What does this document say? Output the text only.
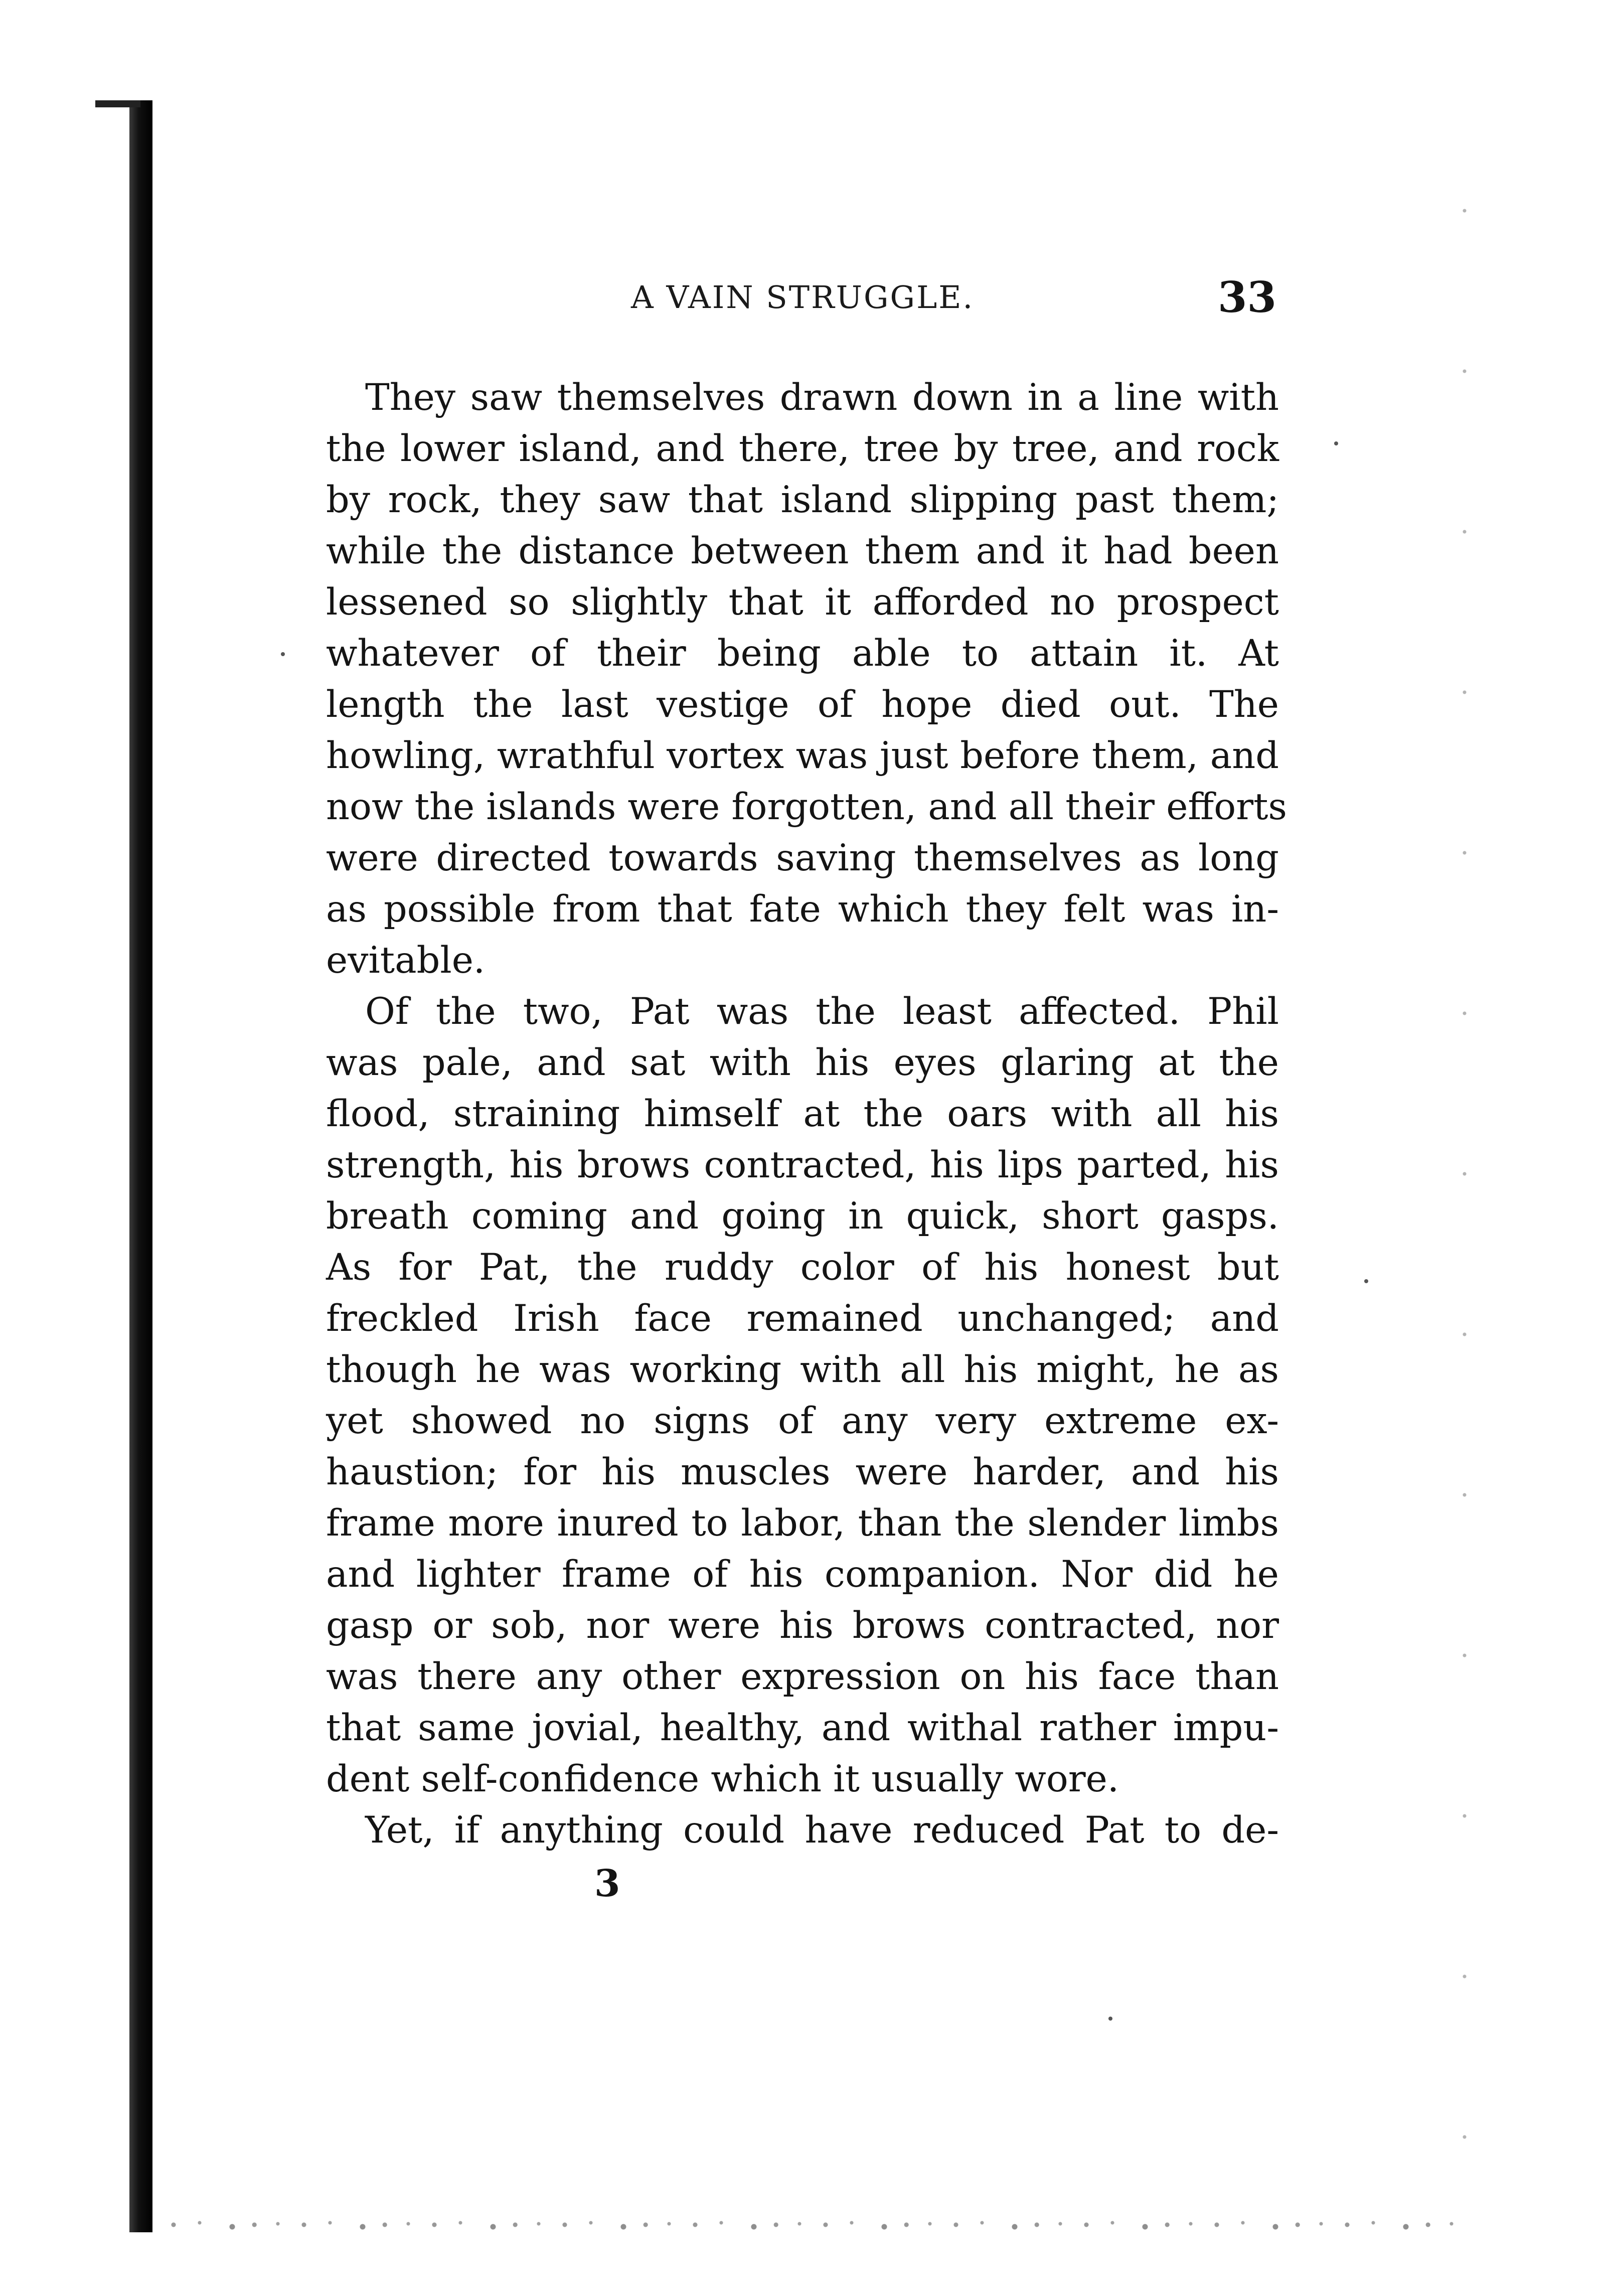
A VAIN STRUGGLE.	33
They saw themselves drawn down in a line with
the lower island, and there, tree by tree, and rock
by rock, they saw that island slipping past them;
while the distance between them and it had been
lessened so slightly that it afforded no prospect
whatever of their being able to attain it. At
length the last vestige of hope died out. The
howling, wrathful vortex was just before them, and
now the islands were forgotten, and all their efforts
were directed towards saving themselves as long
as possible from that fate which they felt was in-
evitable.
Of the two, Pat was the least affected. Phil
was pale, and sat with his eyes glaring at the
flood, straining himself at the oars with all his
strength, his brows contracted, his lips parted, his
breath coming and going in quick, short gasps.
As for Pat, the ruddy color of his honest but
freckled Irish face remained unchanged; and
though he was working with all his might, he as
yet showed no signs of any very extreme ex-
haustion; for his muscles were harder, and his
frame more inured to labor, than the slender limbs
and lighter frame of his companion. Nor did he
gasp or sob, nor were his brows contracted, nor
was there any other expression on his face than
that same jovial, healthy, and withal rather impu-
dent self-confidence which it usually wore.
Yet, if anything could have reduced Pat to de-
3
